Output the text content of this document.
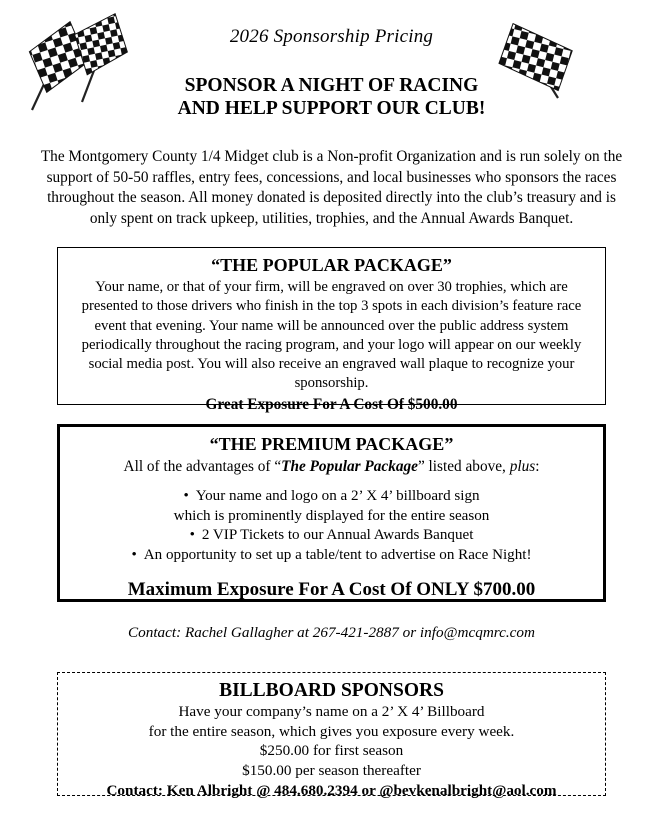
2026 Sponsorship Pricing
SPONSOR A NIGHT OF RACING
AND HELP SUPPORT OUR CLUB!
The Montgomery County 1/4 Midget club is a Non-profit Organization and is run solely on the support of 50-50 raffles, entry fees, concessions, and local businesses who sponsors the races throughout the season. All money donated is deposited directly into the club’s treasury and is only spent on track upkeep, utilities, trophies, and the Annual Awards Banquet.
“THE POPULAR PACKAGE”
Your name, or that of your firm, will be engraved on over 30 trophies, which are presented to those drivers who finish in the top 3 spots in each division’s feature race event that evening. Your name will be announced over the public address system periodically throughout the racing program, and your logo will appear on our weekly social media post. You will also receive an engraved wall plaque to recognize your sponsorship.
Great Exposure For A Cost Of $500.00
“THE PREMIUM PACKAGE”
All of the advantages of “The Popular Package” listed above, plus:
• Your name and logo on a 2’ X 4’ billboard sign
which is prominently displayed for the entire season
• 2 VIP Tickets to our Annual Awards Banquet
• An opportunity to set up a table/tent to advertise on Race Night!
Maximum Exposure For A Cost Of ONLY $700.00
Contact: Rachel Gallagher at 267-421-2887 or info@mcqmrc.com
BILLBOARD SPONSORS
Have your company’s name on a 2’ X 4’ Billboard
for the entire season, which gives you exposure every week.
$250.00 for first season
$150.00 per season thereafter
Contact: Ken Albright @ 484.680.2394 or @bevkenalbright@aol.com
